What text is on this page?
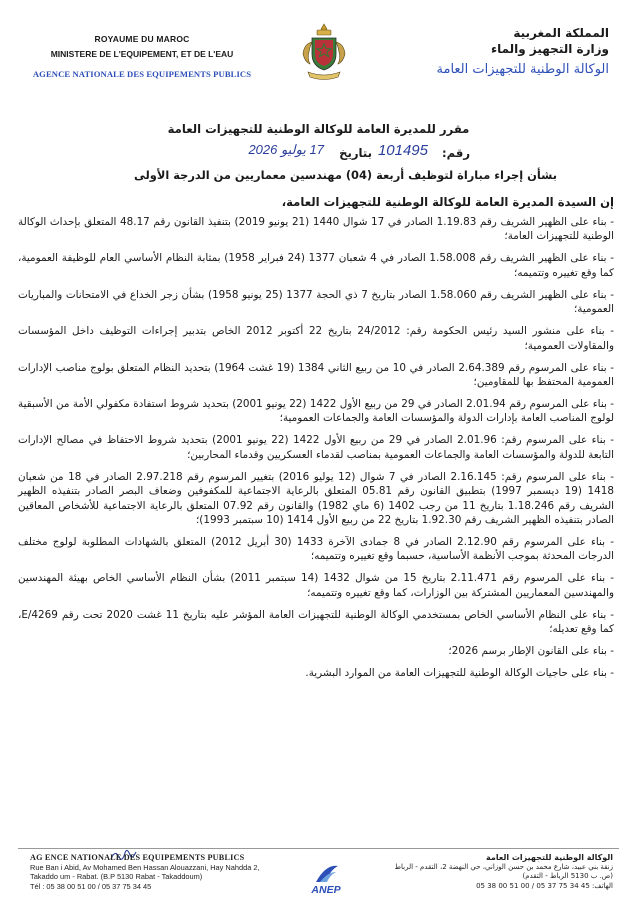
ROYAUME DU MAROC
MINISTERE DE L'EQUIPEMENT, ET DE L'EAU
AGENCE NATIONALE DES EQUIPEMENTS PUBLICS
المملكة المغربية
وزارة التجهيز والماء
الوكالة الوطنية للتجهيزات العامة
مقرر للمديرة العامة للوكالة الوطنية للتجهيزات العامة
رقم:
101495
بتاريخ
17 يوليو 2026
بشأن إجراء مباراة لتوظيف أربعة (04) مهندسين معماريين من الدرجة الأولى
إن السيدة المديرة العامة للوكالة الوطنية للتجهيزات العامة،

- بناء على الظهير الشريف رقم 1.19.83 الصادر في 17 شوال 1440 (21 يونيو 2019) بتنفيذ القانون رقم 48.17 المتعلق بإحداث الوكالة الوطنية للتجهيزات العامة؛

- بناء على الظهير الشريف رقم 1.58.008 الصادر في 4 شعبان 1377 (24 فبراير 1958) بمثابة النظام الأساسي العام للوظيفة العمومية، كما وقع تغييره وتتميمه؛

- بناء على الظهير الشريف رقم 1.58.060 الصادر بتاريخ 7 ذي الحجة 1377 (25 يونيو 1958) بشأن زجر الخداع في الامتحانات والمباريات العمومية؛

- بناء على منشور السيد رئيس الحكومة رقم: 24/2012 بتاريخ 22 أكتوبر 2012 الخاص بتدبير إجراءات التوظيف داخل المؤسسات والمقاولات العمومية؛

- بناء على المرسوم رقم 2.64.389 الصادر في 10 من ربيع الثاني 1384 (19 غشت 1964) بتحديد النظام المتعلق بولوج مناصب الإدارات العمومية المحتفظ بها للمقاومين؛

- بناء على المرسوم رقم 2.01.94 الصادر في 29 من ربيع الأول 1422 (22 يونيو 2001) بتحديد شروط استفادة مكفولي الأمة من الأسبقية لولوج المناصب العامة بإدارات الدولة والمؤسسات العامة والجماعات العمومية؛

- بناء على المرسوم رقم: 2.01.96 الصادر في 29 من ربيع الأول 1422 (22 يونيو 2001) بتحديد شروط الاحتفاظ في مصالح الإدارات التابعة للدولة والمؤسسات العامة والجماعات العمومية بمناصب لقدماء العسكريين وقدماء المحاربين؛

- بناء على المرسوم رقم: 2.16.145 الصادر في 7 شوال (12 يوليو 2016) بتغيير المرسوم رقم 2.97.218 الصادر في 18 من شعبان 1418 (19 ديسمبر 1997) بتطبيق القانون رقم 05.81 المتعلق بالرعاية الاجتماعية للمكفوفين وضعاف البصر الصادر بتنفيذه الظهير الشريف رقم 1.18.246 بتاريخ 11 من رجب 1402 (6 ماي 1982) والقانون رقم 07.92 المتعلق بالرعاية الاجتماعية للأشخاص المعاقين الصادر بتنفيذه الظهير الشريف رقم 1.92.30 بتاريخ 22 من ربيع الأول 1414 (10 سبتمبر 1993)؛

- بناء على المرسوم رقم 2.12.90 الصادر في 8 جمادى الآخرة 1433 (30 أبريل 2012) المتعلق بالشهادات المطلوبة لولوج مختلف الدرجات المحدثة بموجب الأنظمة الأساسية، حسبما وقع تغييره وتتميمه؛

- بناء على المرسوم رقم 2.11.471 بتاريخ 15 من شوال 1432 (14 سبتمبر 2011) بشأن النظام الأساسي الخاص بهيئة المهندسين والمهندسين المعماريين المشتركة بين الوزارات، كما وقع تغييره وتتميمه؛

- بناء على النظام الأساسي الخاص بمستخدمي الوكالة الوطنية للتجهيزات العامة المؤشر عليه بتاريخ 11 غشت 2020 تحت رقم E/4269، كما وقع تعديله؛

- بناء على القانون الإطار برسم 2026؛

- بناء على حاجيات الوكالة الوطنية للتجهيزات العامة من الموارد البشرية.

AG ENCE NATIONALE DES EQUIPEMENTS PUBLICS
Rue Ban i Abid, Av Mohamed Ben Hassan Alouazzani, Hay Nahdda 2,
Takaddo um - Rabat. (B.P 5130 Rabat - Takaddoum)
Tél : 05 38 00 51 00 / 05 37 75 34 45	ANEP
الوكالة الوطنية للتجهيزات العامة
زنقة بني عبيد، شارع محمد بن حسن الوزاني، حي النهضة 2، التقدم - الرباط
(ص. ب 5130 الرباط - التقدم)
05 38 00 51 00 / 05 37 75 34 45 :الهاتف
